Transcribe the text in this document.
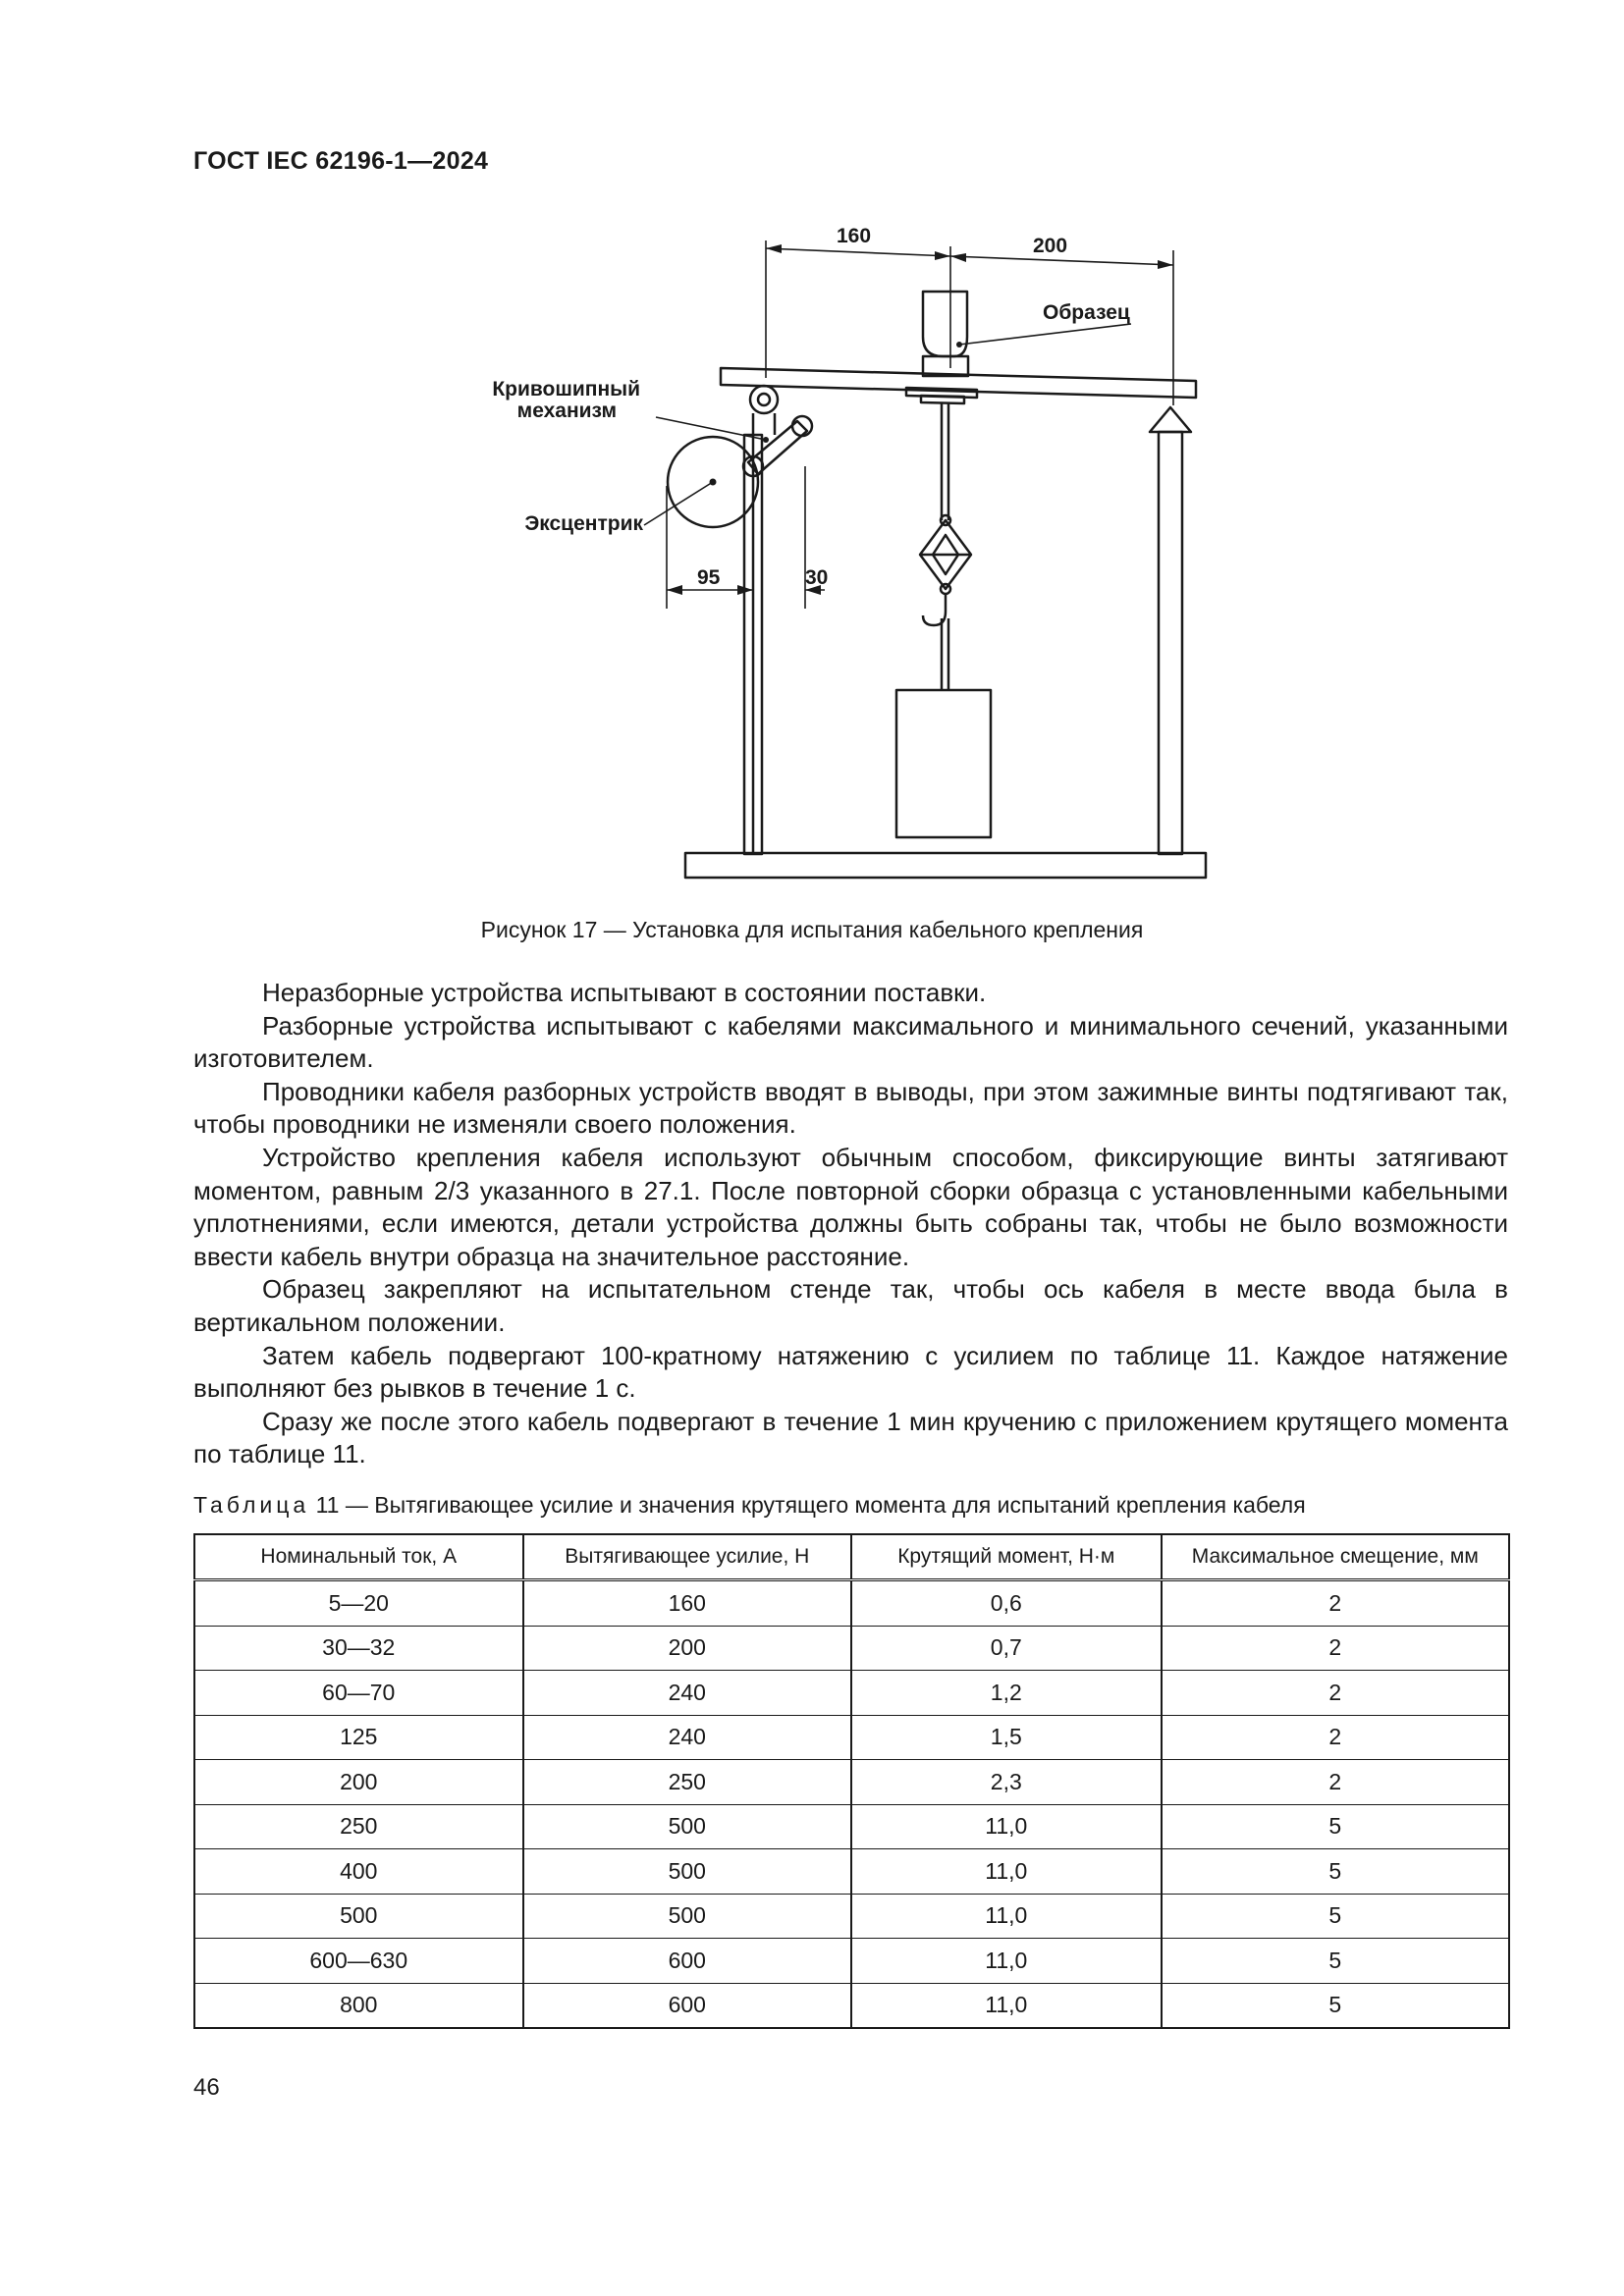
ГОСТ IEC 62196-1—2024
160	200
Образец
Кривошипный
механизм
Эксцентрик
95	30
Рисунок 17 — Установка для испытания кабельного крепления

Неразборные устройства испытывают в состоянии поставки.

Разборные устройства испытывают с кабелями максимального и минимального сечений, указанными изготовителем.

Проводники кабеля разборных устройств вводят в выводы, при этом зажимные винты подтягивают так, чтобы проводники не изменяли своего положения.

Устройство крепления кабеля используют обычным способом, фиксирующие винты затягивают моментом, равным 2/3 указанного в 27.1. После повторной сборки образца с установленными кабельными уплотнениями, если имеются, детали устройства должны быть собраны так, чтобы не было возможности ввести кабель внутри образца на значительное расстояние.

Образец закрепляют на испытательном стенде так, чтобы ось кабеля в месте ввода была в вертикальном положении.

Затем кабель подвергают 100-кратному натяжению с усилием по таблице 11. Каждое натяжение выполняют без рывков в течение 1 с.

Сразу же после этого кабель подвергают в течение 1 мин кручению с приложением крутящего момента по таблице 11.

Таблица 11 — Вытягивающее усилие и значения крутящего момента для испытаний крепления кабеля
Номинальный ток, А	Вытягивающее усилие, Н	Крутящий момент, Н·м	Максимальное смещение, мм
5—20	160	0,6	2
30—32	200	0,7	2
60—70	240	1,2	2
125	240	1,5	2
200	250	2,3	2
250	500	11,0	5
400	500	11,0	5
500	500	11,0	5
600—630	600	11,0	5
800	600	11,0	5
46
